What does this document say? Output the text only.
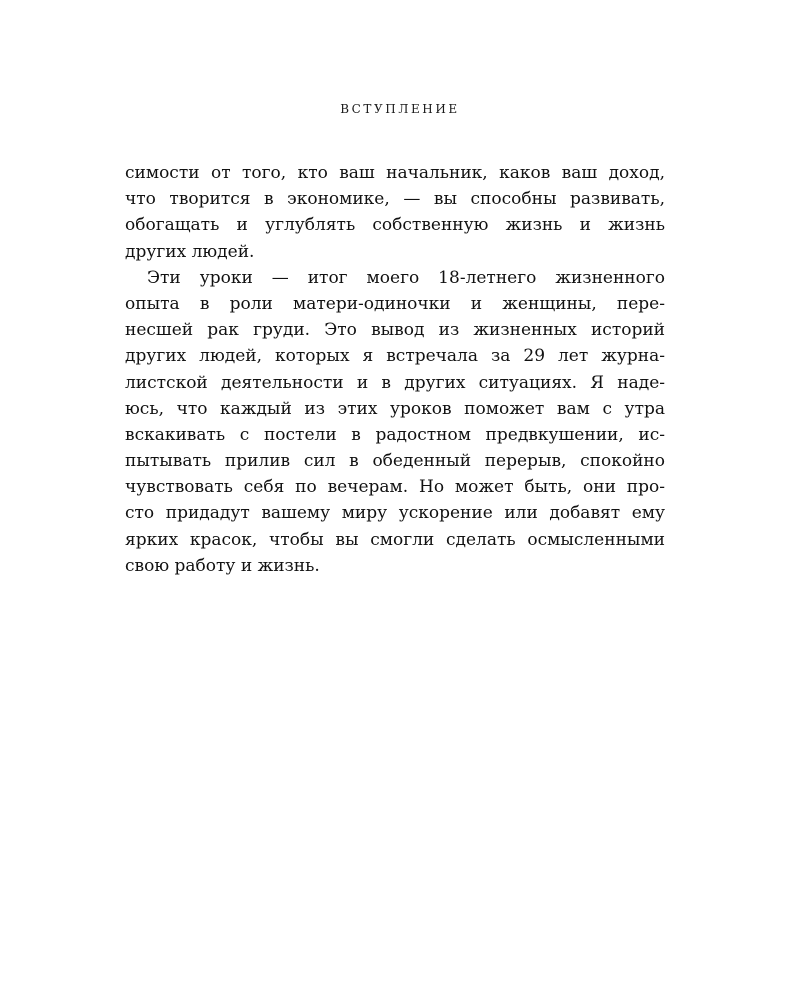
ВСТУПЛЕНИЕ
симости от того, кто ваш начальник, каков ваш доход,
что творится в экономике, — вы способны развивать,
обогащать и углублять собственную жизнь и жизнь
других людей.
Эти уроки — итог моего 18-летнего жизненного
опыта в роли матери-одиночки и женщины, пере-
несшей рак груди. Это вывод из жизненных историй
других людей, которых я встречала за 29 лет журна-
листской деятельности и в других ситуациях. Я наде-
юсь, что каждый из этих уроков поможет вам с утра
вскакивать с постели в радостном предвкушении, ис-
пытывать прилив сил в обеденный перерыв, спокойно
чувствовать себя по вечерам. Но может быть, они про-
сто придадут вашему миру ускорение или добавят ему
ярких красок, чтобы вы смогли сделать осмысленными
свою работу и жизнь.
